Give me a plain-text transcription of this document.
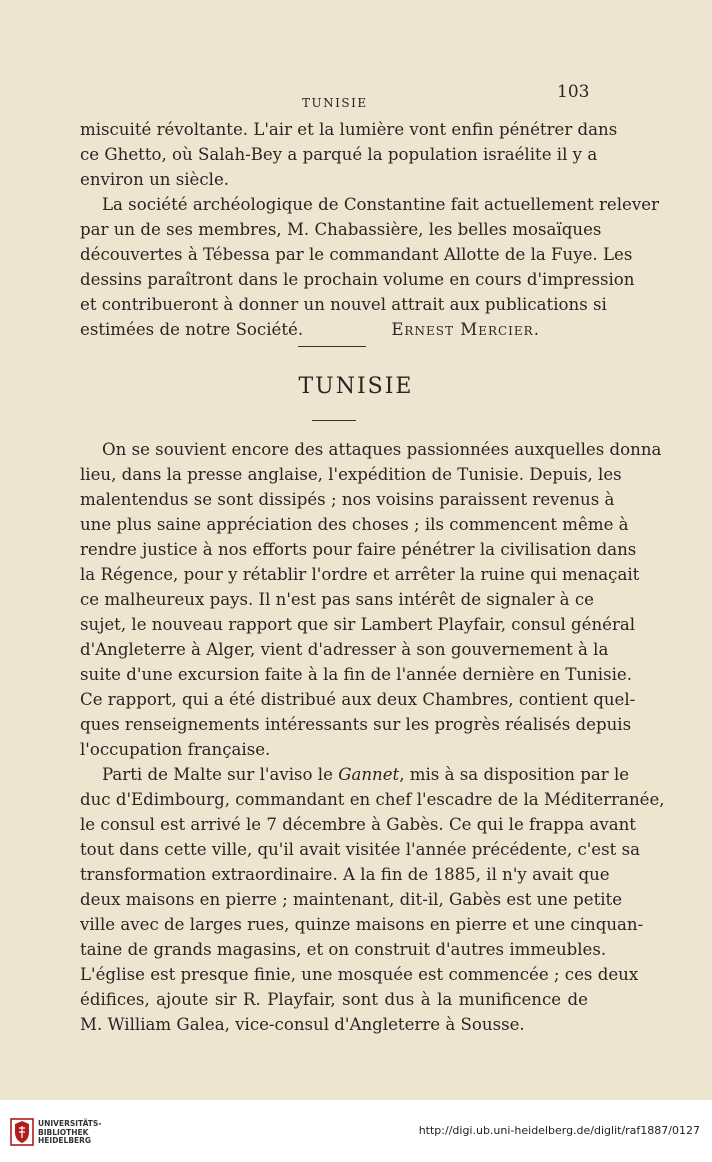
TUNISIE
103
miscuité révoltante. L'air et la lumière vont enfin pénétrer dans
ce Ghetto, où Salah-Bey a parqué la population israélite il y a
environ un siècle.
La société archéologique de Constantine fait actuellement relever
par un de ses membres, M. Chabassière, les belles mosaïques
découvertes à Tébessa par le commandant Allotte de la Fuye. Les
dessins paraîtront dans le prochain volume en cours d'impression
et contribueront à donner un nouvel attrait aux publications si
estimées de notre Société.	Ernest Mercier.
TUNISIE
On se souvient encore des attaques passionnées auxquelles donna
lieu, dans la presse anglaise, l'expédition de Tunisie. Depuis, les
malentendus se sont dissipés ; nos voisins paraissent revenus à
une plus saine appréciation des choses ; ils commencent même à
rendre justice à nos efforts pour faire pénétrer la civilisation dans
la Régence, pour y rétablir l'ordre et arrêter la ruine qui menaçait
ce malheureux pays. Il n'est pas sans intérêt de signaler à ce
sujet, le nouveau rapport que sir Lambert Playfair, consul général
d'Angleterre à Alger, vient d'adresser à son gouvernement à la
suite d'une excursion faite à la fin de l'année dernière en Tunisie.
Ce rapport, qui a été distribué aux deux Chambres, contient quel-
ques renseignements intéressants sur les progrès réalisés depuis
l'occupation française.
Parti de Malte sur l'aviso le Gannet, mis à sa disposition par le
duc d'Edimbourg, commandant en chef l'escadre de la Méditerranée,
le consul est arrivé le 7 décembre à Gabès. Ce qui le frappa avant
tout dans cette ville, qu'il avait visitée l'année précédente, c'est sa
transformation extraordinaire. A la fin de 1885, il n'y avait que
deux maisons en pierre ; maintenant, dit-il, Gabès est une petite
ville avec de larges rues, quinze maisons en pierre et une cinquan-
taine de grands magasins, et on construit d'autres immeubles.
L'église est presque finie, une mosquée est commencée ; ces deux
édifices, ajoute sir R. Playfair, sont dus à la munificence de
M. William Galea, vice-consul d'Angleterre à Sousse.
UNIVERSITÄTS-
BIBLIOTHEK
HEIDELBERG
http://digi.ub.uni-heidelberg.de/diglit/raf1887/0127
